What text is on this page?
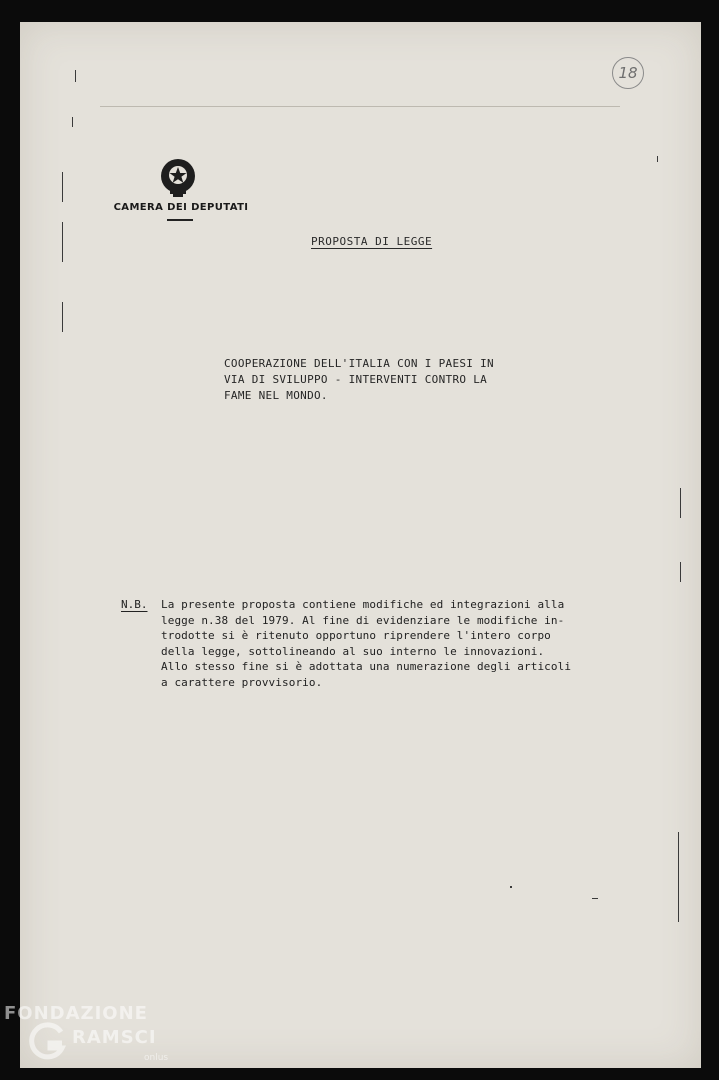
18
CAMERA DEI DEPUTATI
PROPOSTA DI LEGGE
COOPERAZIONE DELL'ITALIA CON I PAESI IN
VIA DI SVILUPPO - INTERVENTI CONTRO LA
FAME NEL MONDO.
N.B. La presente proposta contiene modifiche ed integrazioni alla
legge n.38 del 1979. Al fine di evidenziare le modifiche in-
trodotte si è ritenuto opportuno riprendere l'intero corpo
della legge, sottolineando al suo interno le innovazioni.
Allo stesso fine si è adottata una numerazione degli articoli
a carattere provvisorio.
FONDAZIONE
RAMSCI
onlus
